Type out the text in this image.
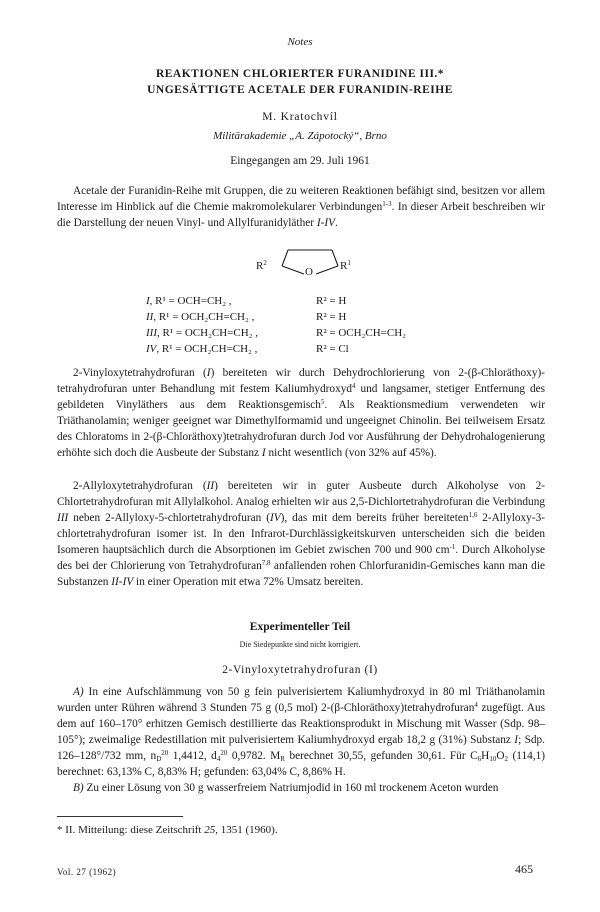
Notes
REAKTIONEN CHLORIERTER FURANIDINE III.*
UNGESÄTTIGTE ACETALE DER FURANIDIN-REIHE
M. Kratochvíl
Militärakademie „A. Zápotocký“, Brno
Eingegangen am 29. Juli 1961
Acetale der Furanidin-Reihe mit Gruppen, die zu weiteren Reaktionen befähigt sind, besitzen vor allem Interesse im Hinblick auf die Chemie makromolekularer Verbindungen$^{1-3}$. In dieser Arbeit beschreiben wir die Darstellung der neuen Vinyl- und Allylfuranidyläther I-IV.
$R^2$
O $R^1$
I, R¹ = OCH=CH₂ ,	R² = H
II, R¹ = OCH₂CH=CH₂ ,	R² = H
III, R¹ = OCH₂CH=CH₂ ,	R² = OCH₂CH=CH₂
IV, R¹ = OCH₂CH=CH₂ ,	R² = Cl
2-Vinyloxytetrahydrofuran (I) bereiteten wir durch Dehydrochlorierung von 2-(β-Chloräthoxy)-tetrahydrofuran unter Behandlung mit festem Kaliumhydroxyd$^4$ und langsamer, stetiger Entfernung des gebildeten Vinyläthers aus dem Reaktionsgemisch$^5$. Als Reaktionsmedium verwendeten wir Triäthanolamin; weniger geeignet war Dimethylformamid und ungeeignet Chinolin. Bei teilweisem Ersatz des Chloratoms in 2-(β-Chloräthoxy)tetrahydrofuran durch Jod vor Ausführung der Dehydrohalogenierung erhöhte sich doch die Ausbeute der Substanz I nicht wesentlich (von 32% auf 45%).
2-Allyloxytetrahydrofuran (II) bereiteten wir in guter Ausbeute durch Alkoholyse von 2-Chlortetrahydrofuran mit Allylalkohol. Analog erhielten wir aus 2,5-Dichlortetrahydrofuran die Verbindung III neben 2-Allyloxy-5-chlortetrahydrofuran (IV), das mit dem bereits früher bereiteten$^{1,6}$ 2-Allyloxy-3-chlortetrahydrofuran isomer ist. In den Infrarot-Durchlässigkeitskurven unterscheiden sich die beiden Isomeren hauptsächlich durch die Absorptionen im Gebiet zwischen 700 und 900 $cm^{-1}$. Durch Alkoholyse des bei der Chlorierung von Tetrahydrofuran$^{7,8}$ anfallenden rohen Chlorfuranidin-Gemisches kann man die Substanzen II-IV in einer Operation mit etwa 72% Umsatz bereiten.
Experimenteller Teil
Die Siedepunkte sind nicht korrigiert.
2-Vinyloxytetrahydrofuran (I)
A) In eine Aufschlämmung von 50 g fein pulverisiertem Kaliumhydroxyd in 80 ml Triäthanolamin wurden unter Rühren während 3 Stunden 75 g (0,5 mol) 2-(β-Chloräthoxy)tetrahydrofuran$^4$ zugefügt. Aus dem auf 160–170° erhitzen Gemisch destillierte das Reaktionsprodukt in Mischung mit Wasser (Sdp. 98–105°); zweimalige Redestillation mit pulverisiertem Kaliumhydroxyd ergab 18,2 g (31%) Substanz I; Sdp. 126–128°/732 mm, $n_D^{20}$ 1,4412, $d_4^{20}$ 0,9782. $M_R$ berechnet 30,55, gefunden 30,61. Für $C_6H_{10}O_2$ (114,1) berechnet: 63,13% C, 8,83% H; gefunden: 63,04% C, 8,86% H.
B) Zu einer Lösung von 30 g wasserfreiem Natriumjodid in 160 ml trockenem Aceton wurden
* II. Mitteilung: diese Zeitschrift 25, 1351 (1960).
Vol. 27 (1962)	465
